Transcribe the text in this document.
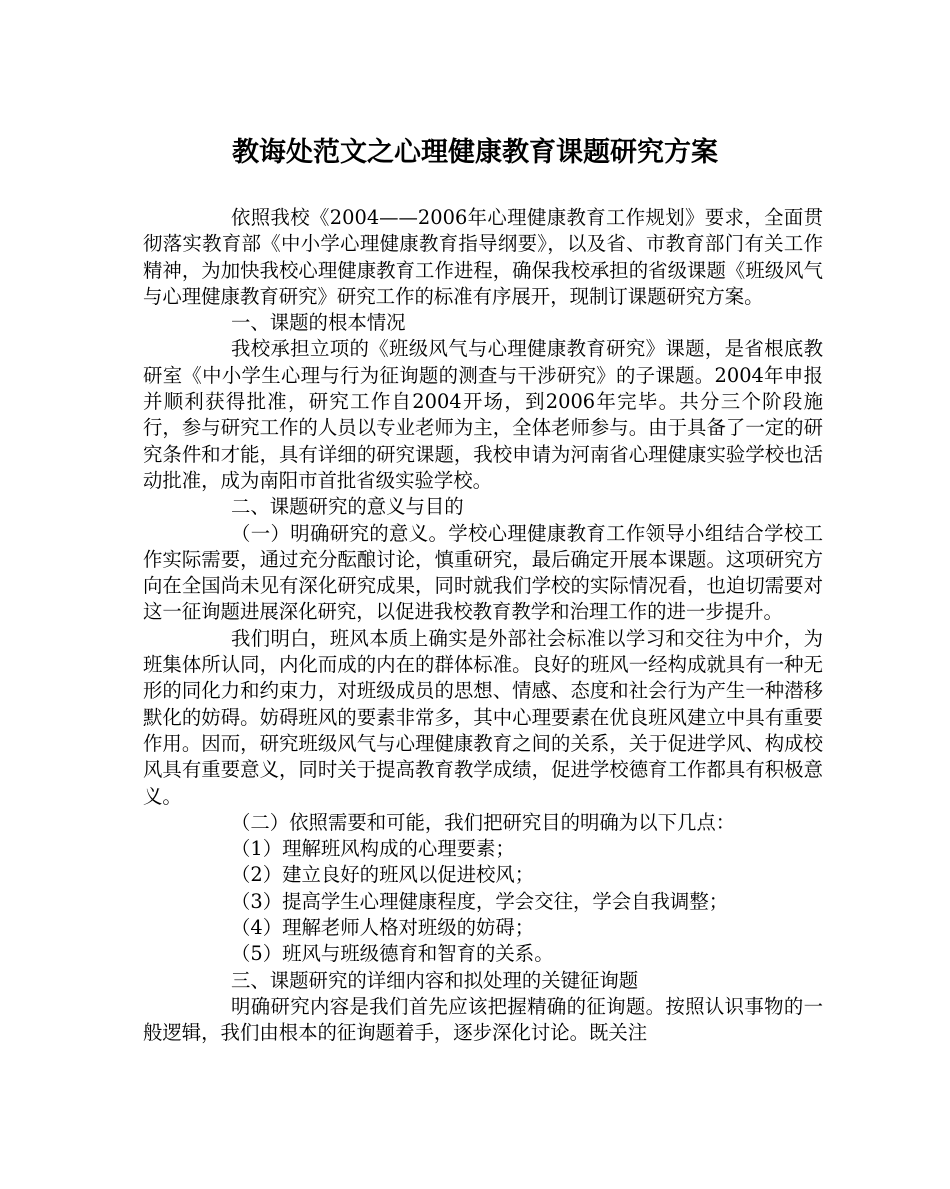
教诲处范文之心理健康教育课题研究方案

依照我校《2004——2006年心理健康教育工作规划》要求，全面贯彻落实教育部《中小学心理健康教育指导纲要》，以及省、市教育部门有关工作精神，为加快我校心理健康教育工作进程，确保我校承担的省级课题《班级风气与心理健康教育研究》研究工作的标准有序展开，现制订课题研究方案。

一、课题的根本情况

我校承担立项的《班级风气与心理健康教育研究》课题，是省根底教研室《中小学生心理与行为征询题的测查与干涉研究》的子课题。2004年申报并顺利获得批准，研究工作自2004开场，到2006年完毕。共分三个阶段施行，参与研究工作的人员以专业老师为主，全体老师参与。由于具备了一定的研究条件和才能，具有详细的研究课题，我校申请为河南省心理健康实验学校也活动批准，成为南阳市首批省级实验学校。

二、课题研究的意义与目的

（一）明确研究的意义。学校心理健康教育工作领导小组结合学校工作实际需要，通过充分酝酿讨论，慎重研究，最后确定开展本课题。这项研究方向在全国尚未见有深化研究成果，同时就我们学校的实际情况看，也迫切需要对这一征询题进展深化研究，以促进我校教育教学和治理工作的进一步提升。

我们明白，班风本质上确实是外部社会标准以学习和交往为中介，为班集体所认同，内化而成的内在的群体标准。良好的班风一经构成就具有一种无形的同化力和约束力，对班级成员的思想、情感、态度和社会行为产生一种潜移默化的妨碍。妨碍班风的要素非常多，其中心理要素在优良班风建立中具有重要作用。因而，研究班级风气与心理健康教育之间的关系，关于促进学风、构成校风具有重要意义，同时关于提高教育教学成绩，促进学校德育工作都具有积极意义。

（二）依照需要和可能，我们把研究目的明确为以下几点：

（1）理解班风构成的心理要素；

（2）建立良好的班风以促进校风；

（3）提高学生心理健康程度，学会交往，学会自我调整；

（4）理解老师人格对班级的妨碍；

（5）班风与班级德育和智育的关系。

三、课题研究的详细内容和拟处理的关键征询题

明确研究内容是我们首先应该把握精确的征询题。按照认识事物的一般逻辑，我们由根本的征询题着手，逐步深化讨论。既关注
